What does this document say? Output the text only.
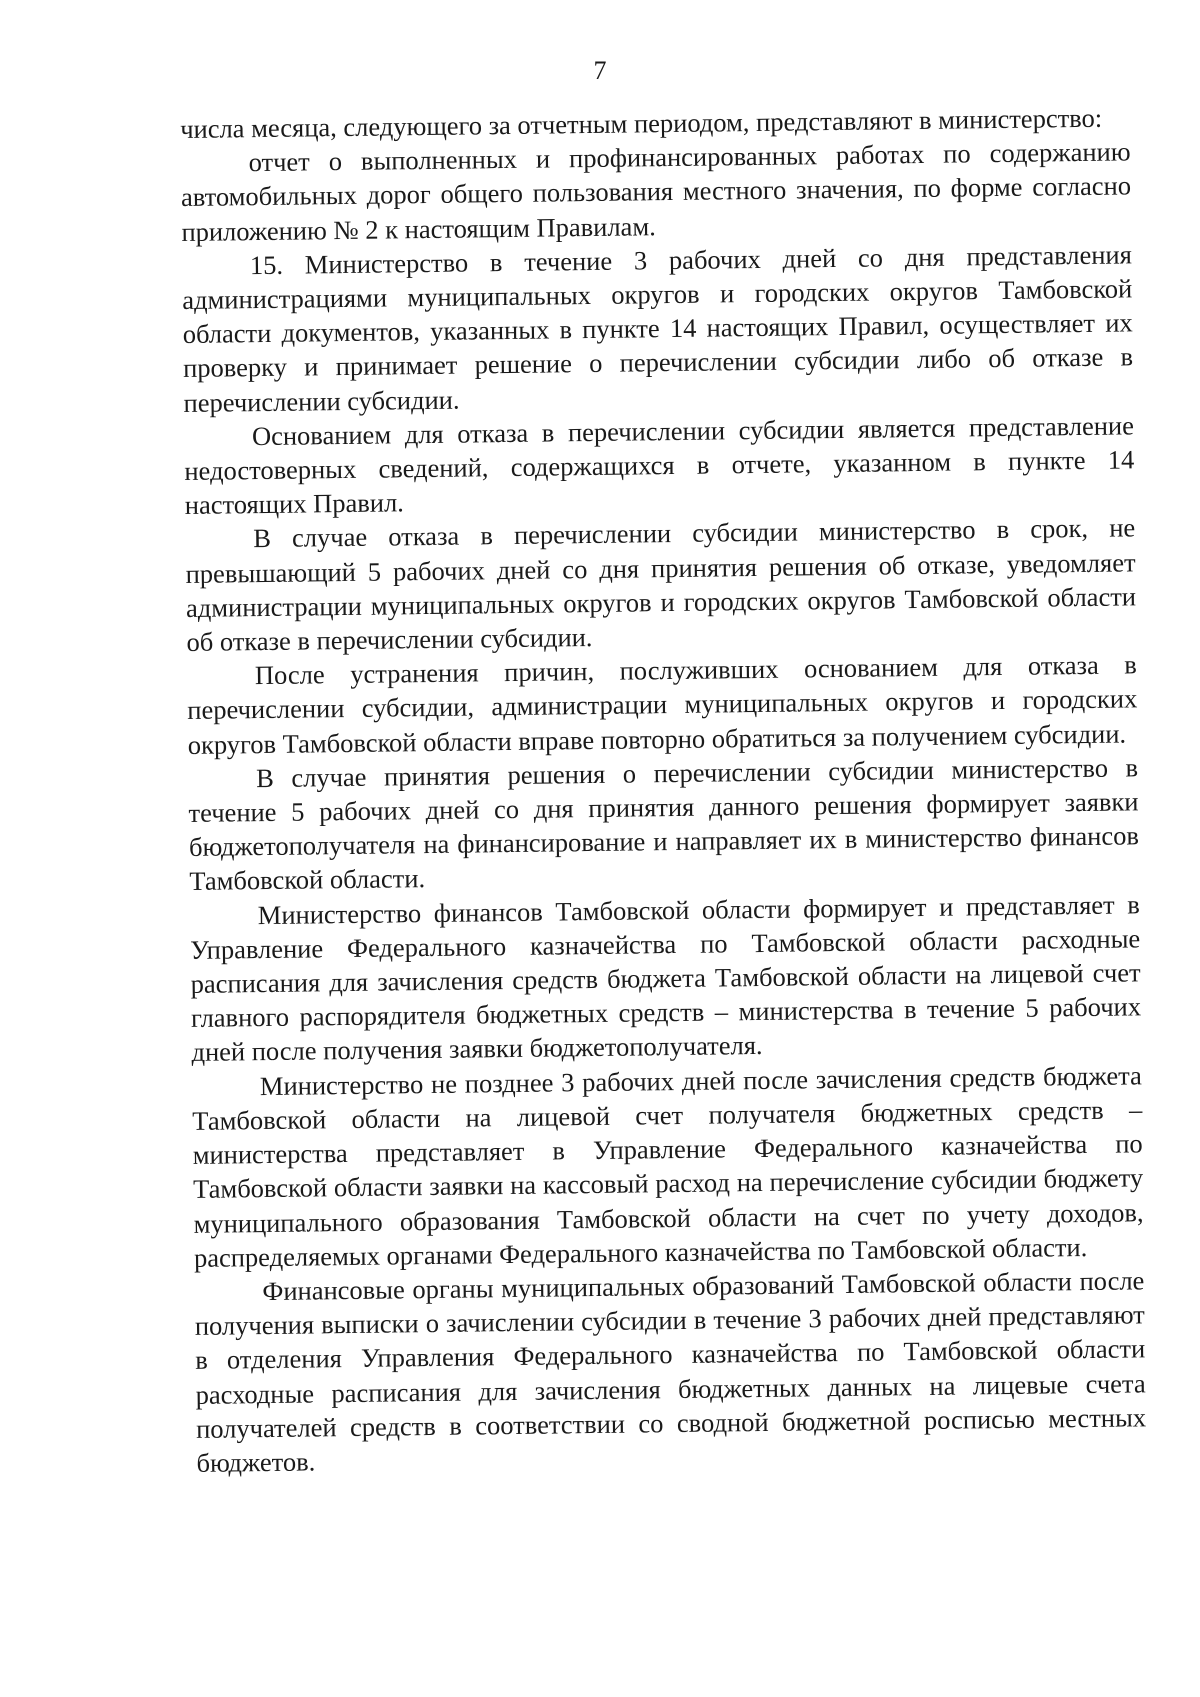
7

числа месяца, следующего за отчетным периодом, представляют в министерство:

отчет о выполненных и профинансированных работах по содержанию автомобильных дорог общего пользования местного значения, по форме согласно приложению № 2 к настоящим Правилам.

15. Министерство в течение 3 рабочих дней со дня представления администрациями муниципальных округов и городских округов Тамбовской области документов, указанных в пункте 14 настоящих Правил, осуществляет их проверку и принимает решение о перечислении субсидии либо об отказе в перечислении субсидии.

Основанием для отказа в перечислении субсидии является представление недостоверных сведений, содержащихся в отчете, указанном в пункте 14 настоящих Правил.

В случае отказа в перечислении субсидии министерство в срок, не превышающий 5 рабочих дней со дня принятия решения об отказе, уведомляет администрации муниципальных округов и городских округов Тамбовской области об отказе в перечислении субсидии.

После устранения причин, послуживших основанием для отказа в перечислении субсидии, администрации муниципальных округов и городских округов Тамбовской области вправе повторно обратиться за получением субсидии.

В случае принятия решения о перечислении субсидии министерство в течение 5 рабочих дней со дня принятия данного решения формирует заявки бюджетополучателя на финансирование и направляет их в министерство финансов Тамбовской области.

Министерство финансов Тамбовской области формирует и представляет в Управление Федерального казначейства по Тамбовской области расходные расписания для зачисления средств бюджета Тамбовской области на лицевой счет главного распорядителя бюджетных средств – министерства в течение 5 рабочих дней после получения заявки бюджетополучателя.

Министерство не позднее 3 рабочих дней после зачисления средств бюджета Тамбовской области на лицевой счет получателя бюджетных средств – министерства представляет в Управление Федерального казначейства по Тамбовской области заявки на кассовый расход на перечисление субсидии бюджету муниципального образования Тамбовской области на счет по учету доходов, распределяемых органами Федерального казначейства по Тамбовской области.

Финансовые органы муниципальных образований Тамбовской области после получения выписки о зачислении субсидии в течение 3 рабочих дней представляют в отделения Управления Федерального казначейства по Тамбовской области расходные расписания для зачисления бюджетных данных на лицевые счета получателей средств в соответствии со сводной бюджетной росписью местных бюджетов.
